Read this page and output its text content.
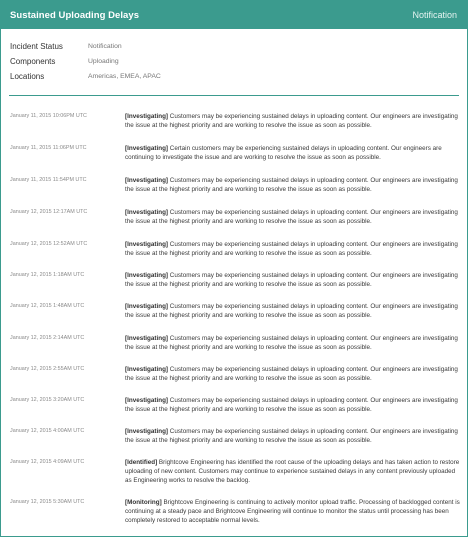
Sustained Uploading Delays	Notification
Incident Status	Notification
Components	Uploading
Locations	Americas, EMEA, APAC
January 11, 2015 10:06PM UTC	[Investigating] Customers may be experiencing sustained delays in uploading content. Our engineers are investigating the issue at the highest priority and are working to resolve the issue as soon as possible.
January 11, 2015 11:06PM UTC	[Investigating] Certain customers may be experiencing sustained delays in uploading content. Our engineers are continuing to investigate the issue and are working to resolve the issue as soon as possible.
January 11, 2015 11:54PM UTC	[Investigating] Customers may be experiencing sustained delays in uploading content. Our engineers are investigating the issue at the highest priority and are working to resolve the issue as soon as possible.
January 12, 2015 12:17AM UTC	[Investigating] Customers may be experiencing sustained delays in uploading content. Our engineers are investigating the issue at the highest priority and are working to resolve the issue as soon as possible.
January 12, 2015 12:52AM UTC	[Investigating] Customers may be experiencing sustained delays in uploading content. Our engineers are investigating the issue at the highest priority and are working to resolve the issue as soon as possible.
January 12, 2015 1:18AM UTC	[Investigating] Customers may be experiencing sustained delays in uploading content. Our engineers are investigating the issue at the highest priority and are working to resolve the issue as soon as possible.
January 12, 2015 1:48AM UTC	[Investigating] Customers may be experiencing sustained delays in uploading content. Our engineers are investigating the issue at the highest priority and are working to resolve the issue as soon as possible.
January 12, 2015 2:14AM UTC	[Investigating] Customers may be experiencing sustained delays in uploading content. Our engineers are investigating the issue at the highest priority and are working to resolve the issue as soon as possible.
January 12, 2015 2:55AM UTC	[Investigating] Customers may be experiencing sustained delays in uploading content. Our engineers are investigating the issue at the highest priority and are working to resolve the issue as soon as possible.
January 12, 2015 3:20AM UTC	[Investigating] Customers may be experiencing sustained delays in uploading content. Our engineers are investigating the issue at the highest priority and are working to resolve the issue as soon as possible.
January 12, 2015 4:00AM UTC	[Investigating] Customers may be experiencing sustained delays in uploading content. Our engineers are investigating the issue at the highest priority and are working to resolve the issue as soon as possible.
January 12, 2015 4:09AM UTC	[Identified] Brightcove Engineering has identified the root cause of the uploading delays and has taken action to restore uploading of new content. Customers may continue to experience sustained delays in any content previously uploaded as Engineering works to resolve the backlog.
January 12, 2015 5:30AM UTC	[Monitoring] Brightcove Engineering is continuing to actively monitor upload traffic. Processing of backlogged content is continuing at a steady pace and Brightcove Engineering will continue to monitor the status until processing has been completely restored to acceptable normal levels.
